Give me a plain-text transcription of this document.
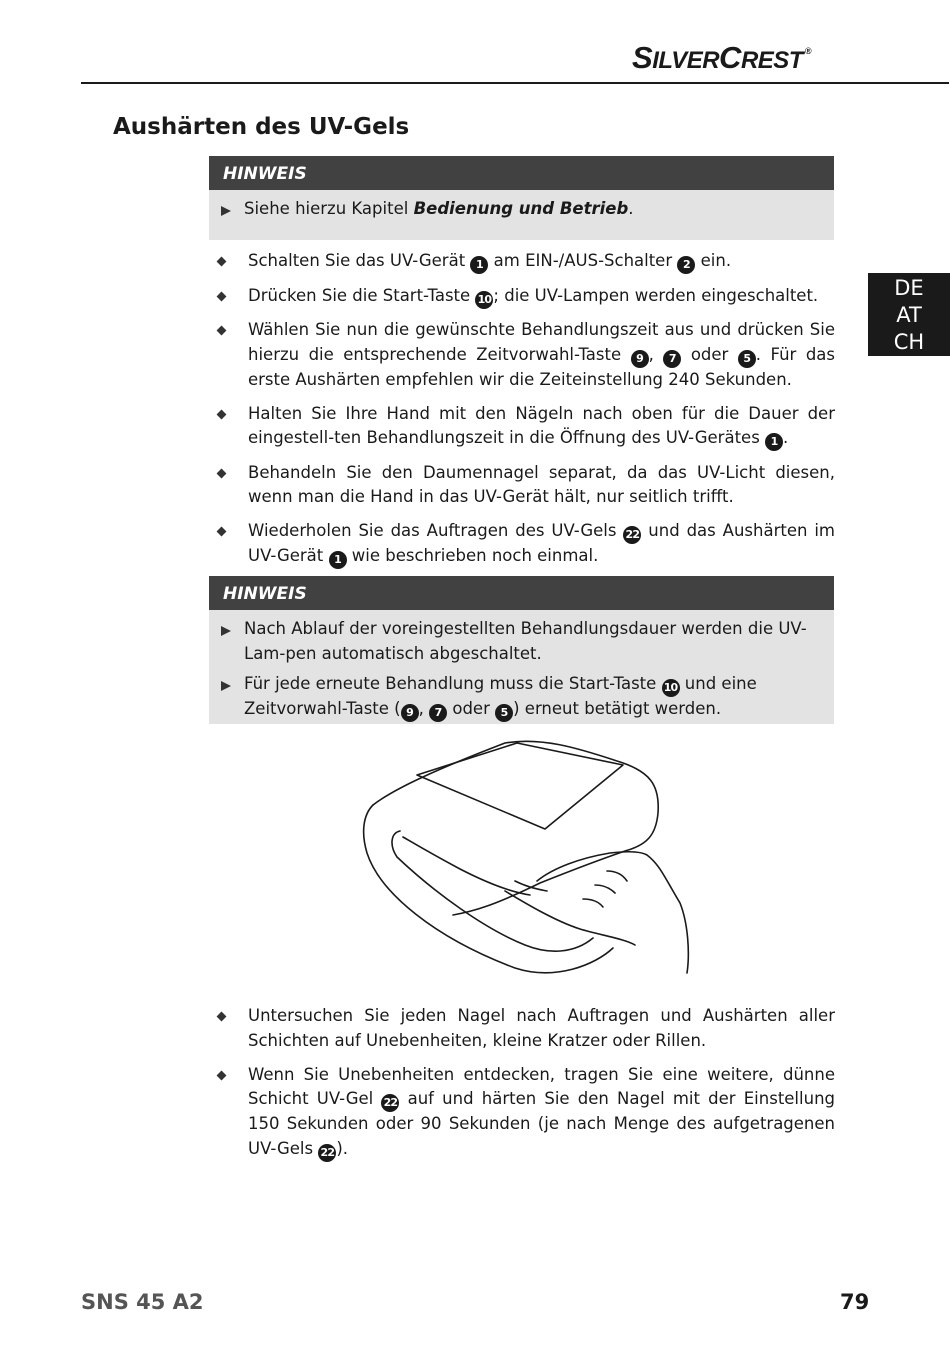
SILVERCREST ®
Aushärten des UV-Gels
DE
AT
CH
HINWEIS
Siehe hierzu Kapitel Bedienung und Betrieb.
Schalten Sie das UV-Gerät 1 am EIN-/AUS-Schalter 2 ein.
Drücken Sie die Start-Taste 10 ; die UV-Lampen werden eingeschaltet.
Wählen Sie nun die gewünschte Behandlungszeit aus und drücken Sie hierzu die entsprechende Zeitvorwahl-Taste 9 , 7 oder 5 . Für das erste Aushärten empfehlen wir die Zeiteinstellung 240 Sekunden.
Halten Sie Ihre Hand mit den Nägeln nach oben für die Dauer der eingestell-ten Behandlungszeit in die Öffnung des UV-Gerätes 1 .
Behandeln Sie den Daumennagel separat, da das UV-Licht diesen, wenn man die Hand in das UV-Gerät hält, nur seitlich trifft.
Wiederholen Sie das Auftragen des UV-Gels 22 und das Aushärten im UV-Gerät 1 wie beschrieben noch einmal.
HINWEIS
Nach Ablauf der voreingestellten Behandlungsdauer werden die UV-Lam-pen automatisch abgeschaltet.
Für jede erneute Behandlung muss die Start-Taste 10 und eine Zeitvorwahl-Taste ( 9 , 7 oder 5 ) erneut betätigt werden.
Untersuchen Sie jeden Nagel nach Auftragen und Aushärten aller Schichten auf Unebenheiten, kleine Kratzer oder Rillen.
Wenn Sie Unebenheiten entdecken, tragen Sie eine weitere, dünne Schicht UV-Gel 22 auf und härten Sie den Nagel mit der Einstellung 150 Sekunden oder 90 Sekunden (je nach Menge des aufgetragenen UV-Gels 22 ).
SNS 45 A2	79
